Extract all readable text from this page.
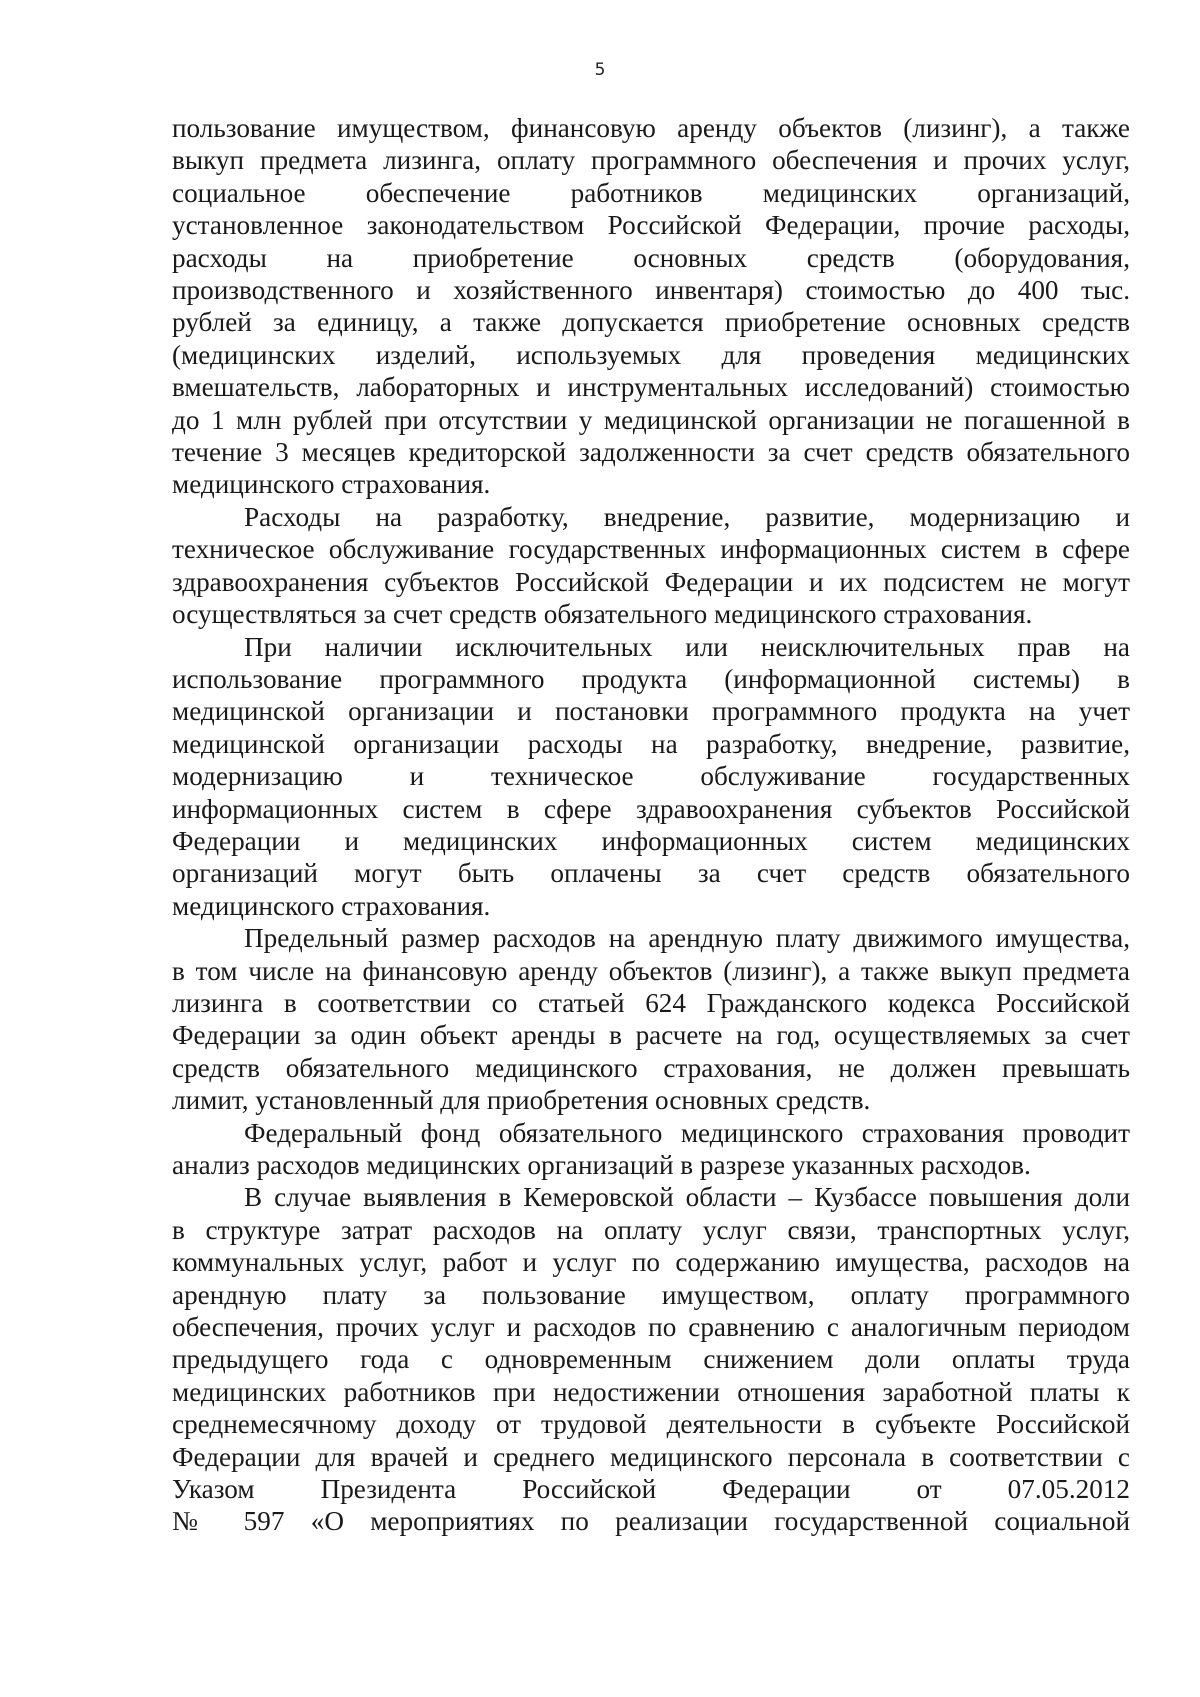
5
пользование имуществом, финансовую аренду объектов (лизинг), а также
выкуп предмета лизинга, оплату программного обеспечения и прочих услуг,
социальное обеспечение работников медицинских организаций,
установленное законодательством Российской Федерации, прочие расходы,
расходы на приобретение основных средств (оборудования,
производственного и хозяйственного инвентаря) стоимостью до 400 тыс.
рублей за единицу, а также допускается приобретение основных средств
(медицинских изделий, используемых для проведения медицинских
вмешательств, лабораторных и инструментальных исследований) стоимостью
до 1 млн рублей при отсутствии у медицинской организации не погашенной в
течение 3 месяцев кредиторской задолженности за счет средств обязательного
медицинского страхования.
Расходы на разработку, внедрение, развитие, модернизацию и
техническое обслуживание государственных информационных систем в сфере
здравоохранения субъектов Российской Федерации и их подсистем не могут
осуществляться за счет средств обязательного медицинского страхования.
При наличии исключительных или неисключительных прав на
использование программного продукта (информационной системы) в
медицинской организации и постановки программного продукта на учет
медицинской организации расходы на разработку, внедрение, развитие,
модернизацию и техническое обслуживание государственных
информационных систем в сфере здравоохранения субъектов Российской
Федерации и медицинских информационных систем медицинских
организаций могут быть оплачены за счет средств обязательного
медицинского страхования.
Предельный размер расходов на арендную плату движимого имущества,
в том числе на финансовую аренду объектов (лизинг), а также выкуп предмета
лизинга в соответствии со статьей 624 Гражданского кодекса Российской
Федерации за один объект аренды в расчете на год, осуществляемых за счет
средств обязательного медицинского страхования, не должен превышать
лимит, установленный для приобретения основных средств.
Федеральный фонд обязательного медицинского страхования проводит
анализ расходов медицинских организаций в разрезе указанных расходов.
В случае выявления в Кемеровской области – Кузбассе повышения доли
в структуре затрат расходов на оплату услуг связи, транспортных услуг,
коммунальных услуг, работ и услуг по содержанию имущества, расходов на
арендную плату за пользование имуществом, оплату программного
обеспечения, прочих услуг и расходов по сравнению с аналогичным периодом
предыдущего года с одновременным снижением доли оплаты труда
медицинских работников при недостижении отношения заработной платы к
среднемесячному доходу от трудовой деятельности в субъекте Российской
Федерации для врачей и среднего медицинского персонала в соответствии с
Указом Президента Российской Федерации от 07.05.2012
№ 597 «О мероприятиях по реализации государственной социальной
